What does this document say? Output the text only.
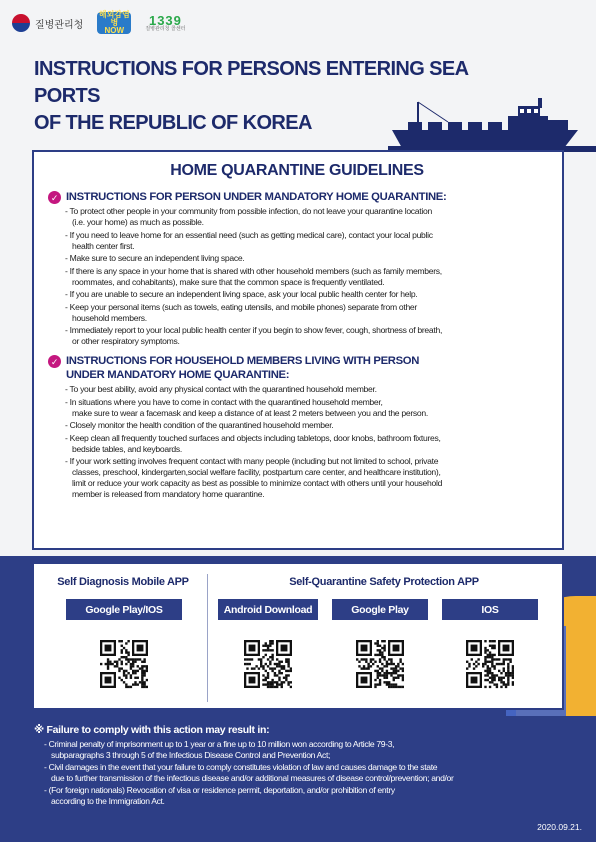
질병관리청
해외감염병
NOW
1339
질병관리청 콜센터
INSTRUCTIONS FOR PERSONS ENTERING SEA PORTS
OF THE REPUBLIC OF KOREA
HOME QUARANTINE GUIDELINES
✓ INSTRUCTIONS FOR PERSON UNDER MANDATORY HOME QUARANTINE:
- To protect other people in your community from possible infection, do not leave your quarantine location
(i.e. your home) as much as possible.
- If you need to leave home for an essential need (such as getting medical care), contact your local public
health center first.
- Make sure to secure an independent living space.
- If there is any space in your home that is shared with other household members (such as family members,
roommates, and cohabitants), make sure that the common space is frequently ventilated.
- If you are unable to secure an independent living space, ask your local public health center for help.
- Keep your personal items (such as towels, eating utensils, and mobile phones) separate from other
household members.
- Immediately report to your local public health center if you begin to show fever, cough, shortness of breath,
or other respiratory symptoms.
✓ INSTRUCTIONS FOR HOUSEHOLD MEMBERS LIVING WITH PERSON
UNDER MANDATORY HOME QUARANTINE:
- To your best ability, avoid any physical contact with the quarantined household member.
- In situations where you have to come in contact with the quarantined household member,
make sure to wear a facemask and keep a distance of at least 2 meters between you and the person.
- Closely monitor the health condition of the quarantined household member.
- Keep clean all frequently touched surfaces and objects including tabletops, door knobs, bathroom fixtures,
bedside tables, and keyboards.
- If your work setting involves frequent contact with many people (including but not limited to school, private
classes, preschool, kindergarten,social welfare facility, postpartum care center, and healthcare institution),
limit or reduce your work capacity as best as possible to minimize contact with others until your household
member is released from mandatory home quarantine.
Self Diagnosis Mobile APP	Self-Quarantine Safety Protection APP
Google Play/IOS	Android Download	Google Play	IOS
※ Failure to comply with this action may result in:
- Criminal penalty of imprisonment up to 1 year or a fine up to 10 million won according to Article 79-3,
subparagraphs 3 through 5 of the Infectious Disease Control and Prevention Act;
- Civil damages in the event that your failure to comply constitutes violation of law and causes damage to the state
due to further transmission of the infectious disease and/or additional measures of disease control/prevention; and/or
- (For foreign nationals) Revocation of visa or residence permit, deportation, and/or prohibition of entry
according to the Immigration Act.
2020.09.21.
